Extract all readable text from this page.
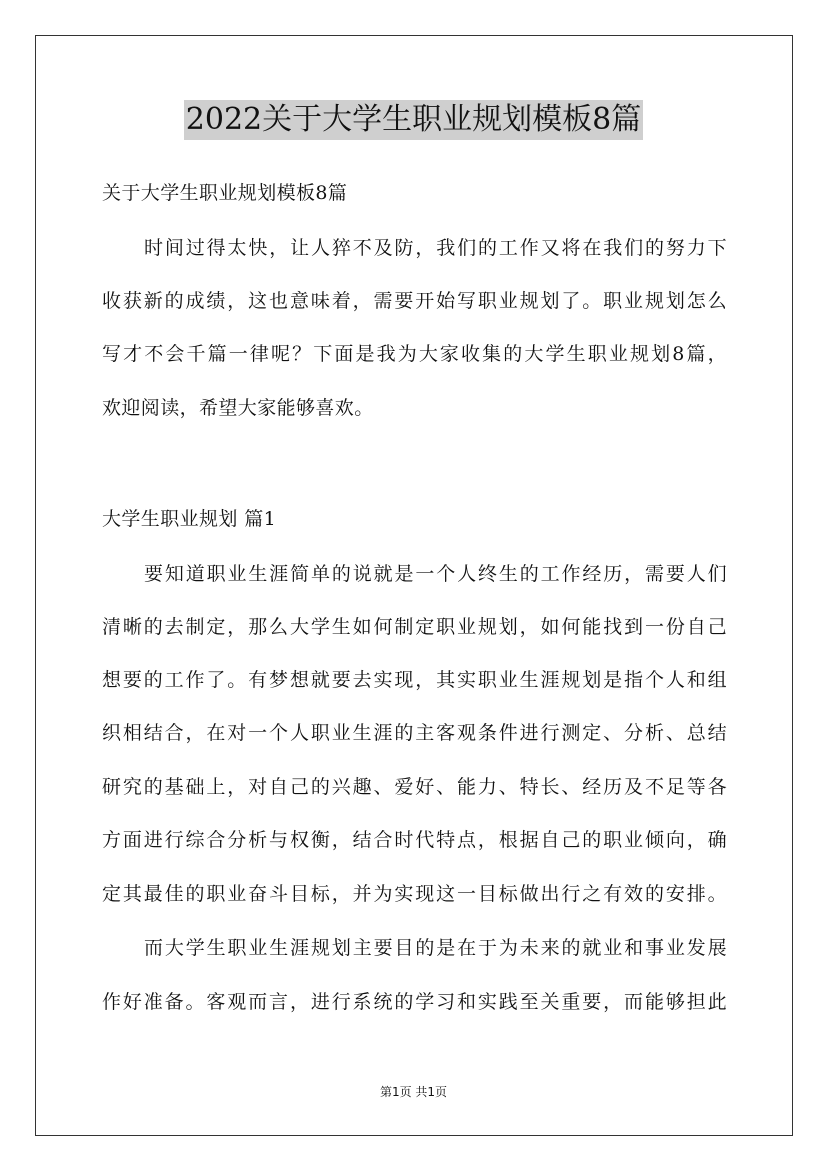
2022关于大学生职业规划模板8篇
关于大学生职业规划模板8篇
时间过得太快，让人猝不及防，我们的工作又将在我们的努力下
收获新的成绩，这也意味着，需要开始写职业规划了。职业规划怎么
写才不会千篇一律呢？下面是我为大家收集的大学生职业规划8篇，
欢迎阅读，希望大家能够喜欢。
大学生职业规划 篇1
要知道职业生涯简单的说就是一个人终生的工作经历，需要人们
清晰的去制定，那么大学生如何制定职业规划，如何能找到一份自己
想要的工作了。有梦想就要去实现，其实职业生涯规划是指个人和组
织相结合，在对一个人职业生涯的主客观条件进行测定、分析、总结
研究的基础上，对自己的兴趣、爱好、能力、特长、经历及不足等各
方面进行综合分析与权衡，结合时代特点，根据自己的职业倾向，确
定其最佳的职业奋斗目标，并为实现这一目标做出行之有效的安排。
而大学生职业生涯规划主要目的是在于为未来的就业和事业发展
作好准备。客观而言，进行系统的学习和实践至关重要，而能够担此
第1页 共1页
